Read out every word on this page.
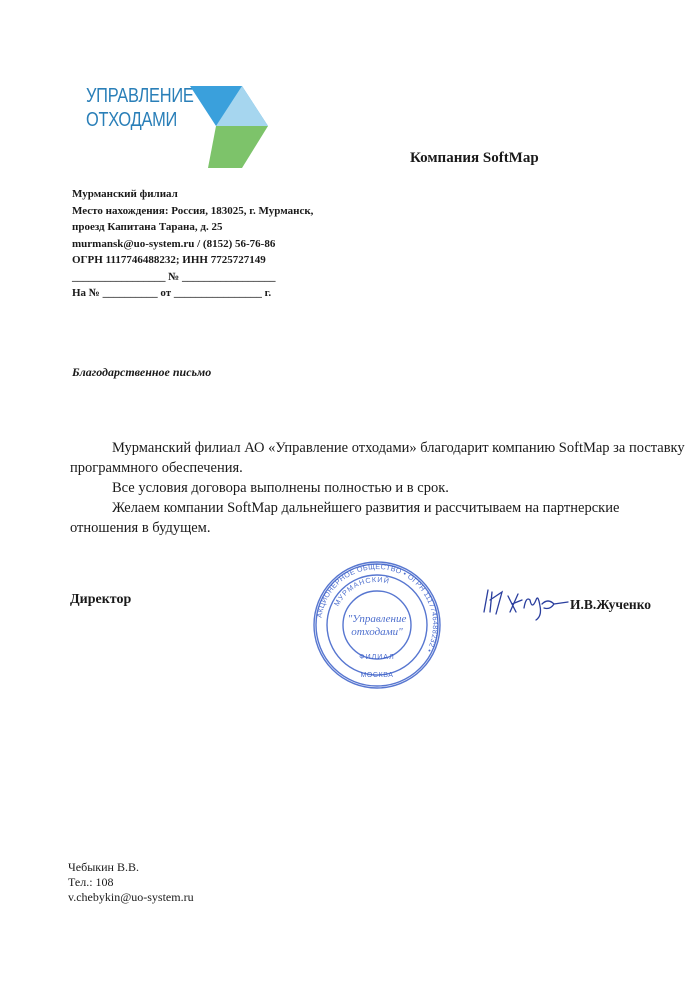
УПРАВЛЕНИЕ
ОТХОДАМИ
Компания SoftMap
Мурманский филиал
Место нахождения: Россия, 183025, г. Мурманск,
проезд Капитана Тарана, д. 25
murmansk@uo-system.ru / (8152) 56-76-86
ОГРН 1117746488232; ИНН 7725727149
_________________ № _________________
На № __________ от ________________ г.
Благодарственное письмо

Мурманский филиал АО «Управление отходами» благодарит компанию SoftMap за поставку программного обеспечения.

Все условия договора выполнены полностью и в срок.

Желаем компании SoftMap дальнейшего развития и рассчитываем на партнерские отношения в будущем.

Директор
АКЦИОНЕРНОЕ ОБЩЕСТВО • ОГРН 1117746488232 •
МУРМАНСКИЙ
"Управление
отходами"
ФИЛИАЛ
МОСКВА
И.В.Жученко
Чебыкин В.В.
Тел.: 108
v.chebykin@uo-system.ru
